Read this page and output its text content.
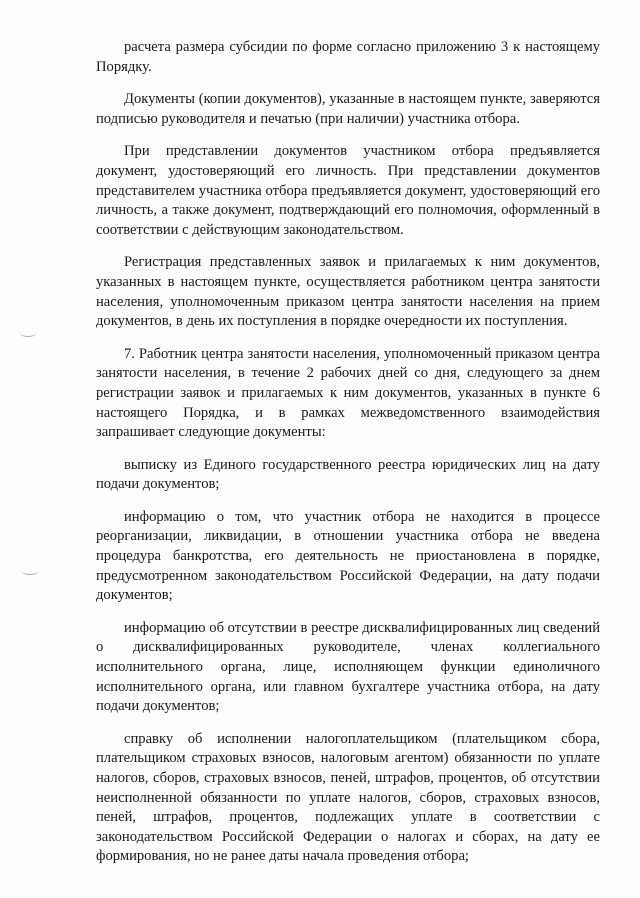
расчета размера субсидии по форме согласно приложению 3 к настоящему Порядку.

Документы (копии документов), указанные в настоящем пункте, заверяются подписью руководителя и печатью (при наличии) участника отбора.

При представлении документов участником отбора предъявляется документ, удостоверяющий его личность. При представлении документов представителем участника отбора предъявляется документ, удостоверяющий его личность, а также документ, подтверждающий его полномочия, оформленный в соответствии с действующим законодательством.

Регистрация представленных заявок и прилагаемых к ним документов, указанных в настоящем пункте, осуществляется работником центра занятости населения, уполномоченным приказом центра занятости населения на прием документов, в день их поступления в порядке очередности их поступления.

7. Работник центра занятости населения, уполномоченный приказом центра занятости населения, в течение 2 рабочих дней со дня, следующего за днем регистрации заявок и прилагаемых к ним документов, указанных в пункте 6 настоящего Порядка, и в рамках межведомственного взаимодействия запрашивает следующие документы:

выписку из Единого государственного реестра юридических лиц на дату подачи документов;

информацию о том, что участник отбора не находится в процессе реорганизации, ликвидации, в отношении участника отбора не введена процедура банкротства, его деятельность не приостановлена в порядке, предусмотренном законодательством Российской Федерации, на дату подачи документов;

информацию об отсутствии в реестре дисквалифицированных лиц сведений о дисквалифицированных руководителе, членах коллегиального исполнительного органа, лице, исполняющем функции единоличного исполнительного органа, или главном бухгалтере участника отбора, на дату подачи документов;

справку об исполнении налогоплательщиком (плательщиком сбора, плательщиком страховых взносов, налоговым агентом) обязанности по уплате налогов, сборов, страховых взносов, пеней, штрафов, процентов, об отсутствии неисполненной обязанности по уплате налогов, сборов, страховых взносов, пеней, штрафов, процентов, подлежащих уплате в соответствии с законодательством Российской Федерации о налогах и сборах, на дату ее формирования, но не ранее даты начала проведения отбора;
